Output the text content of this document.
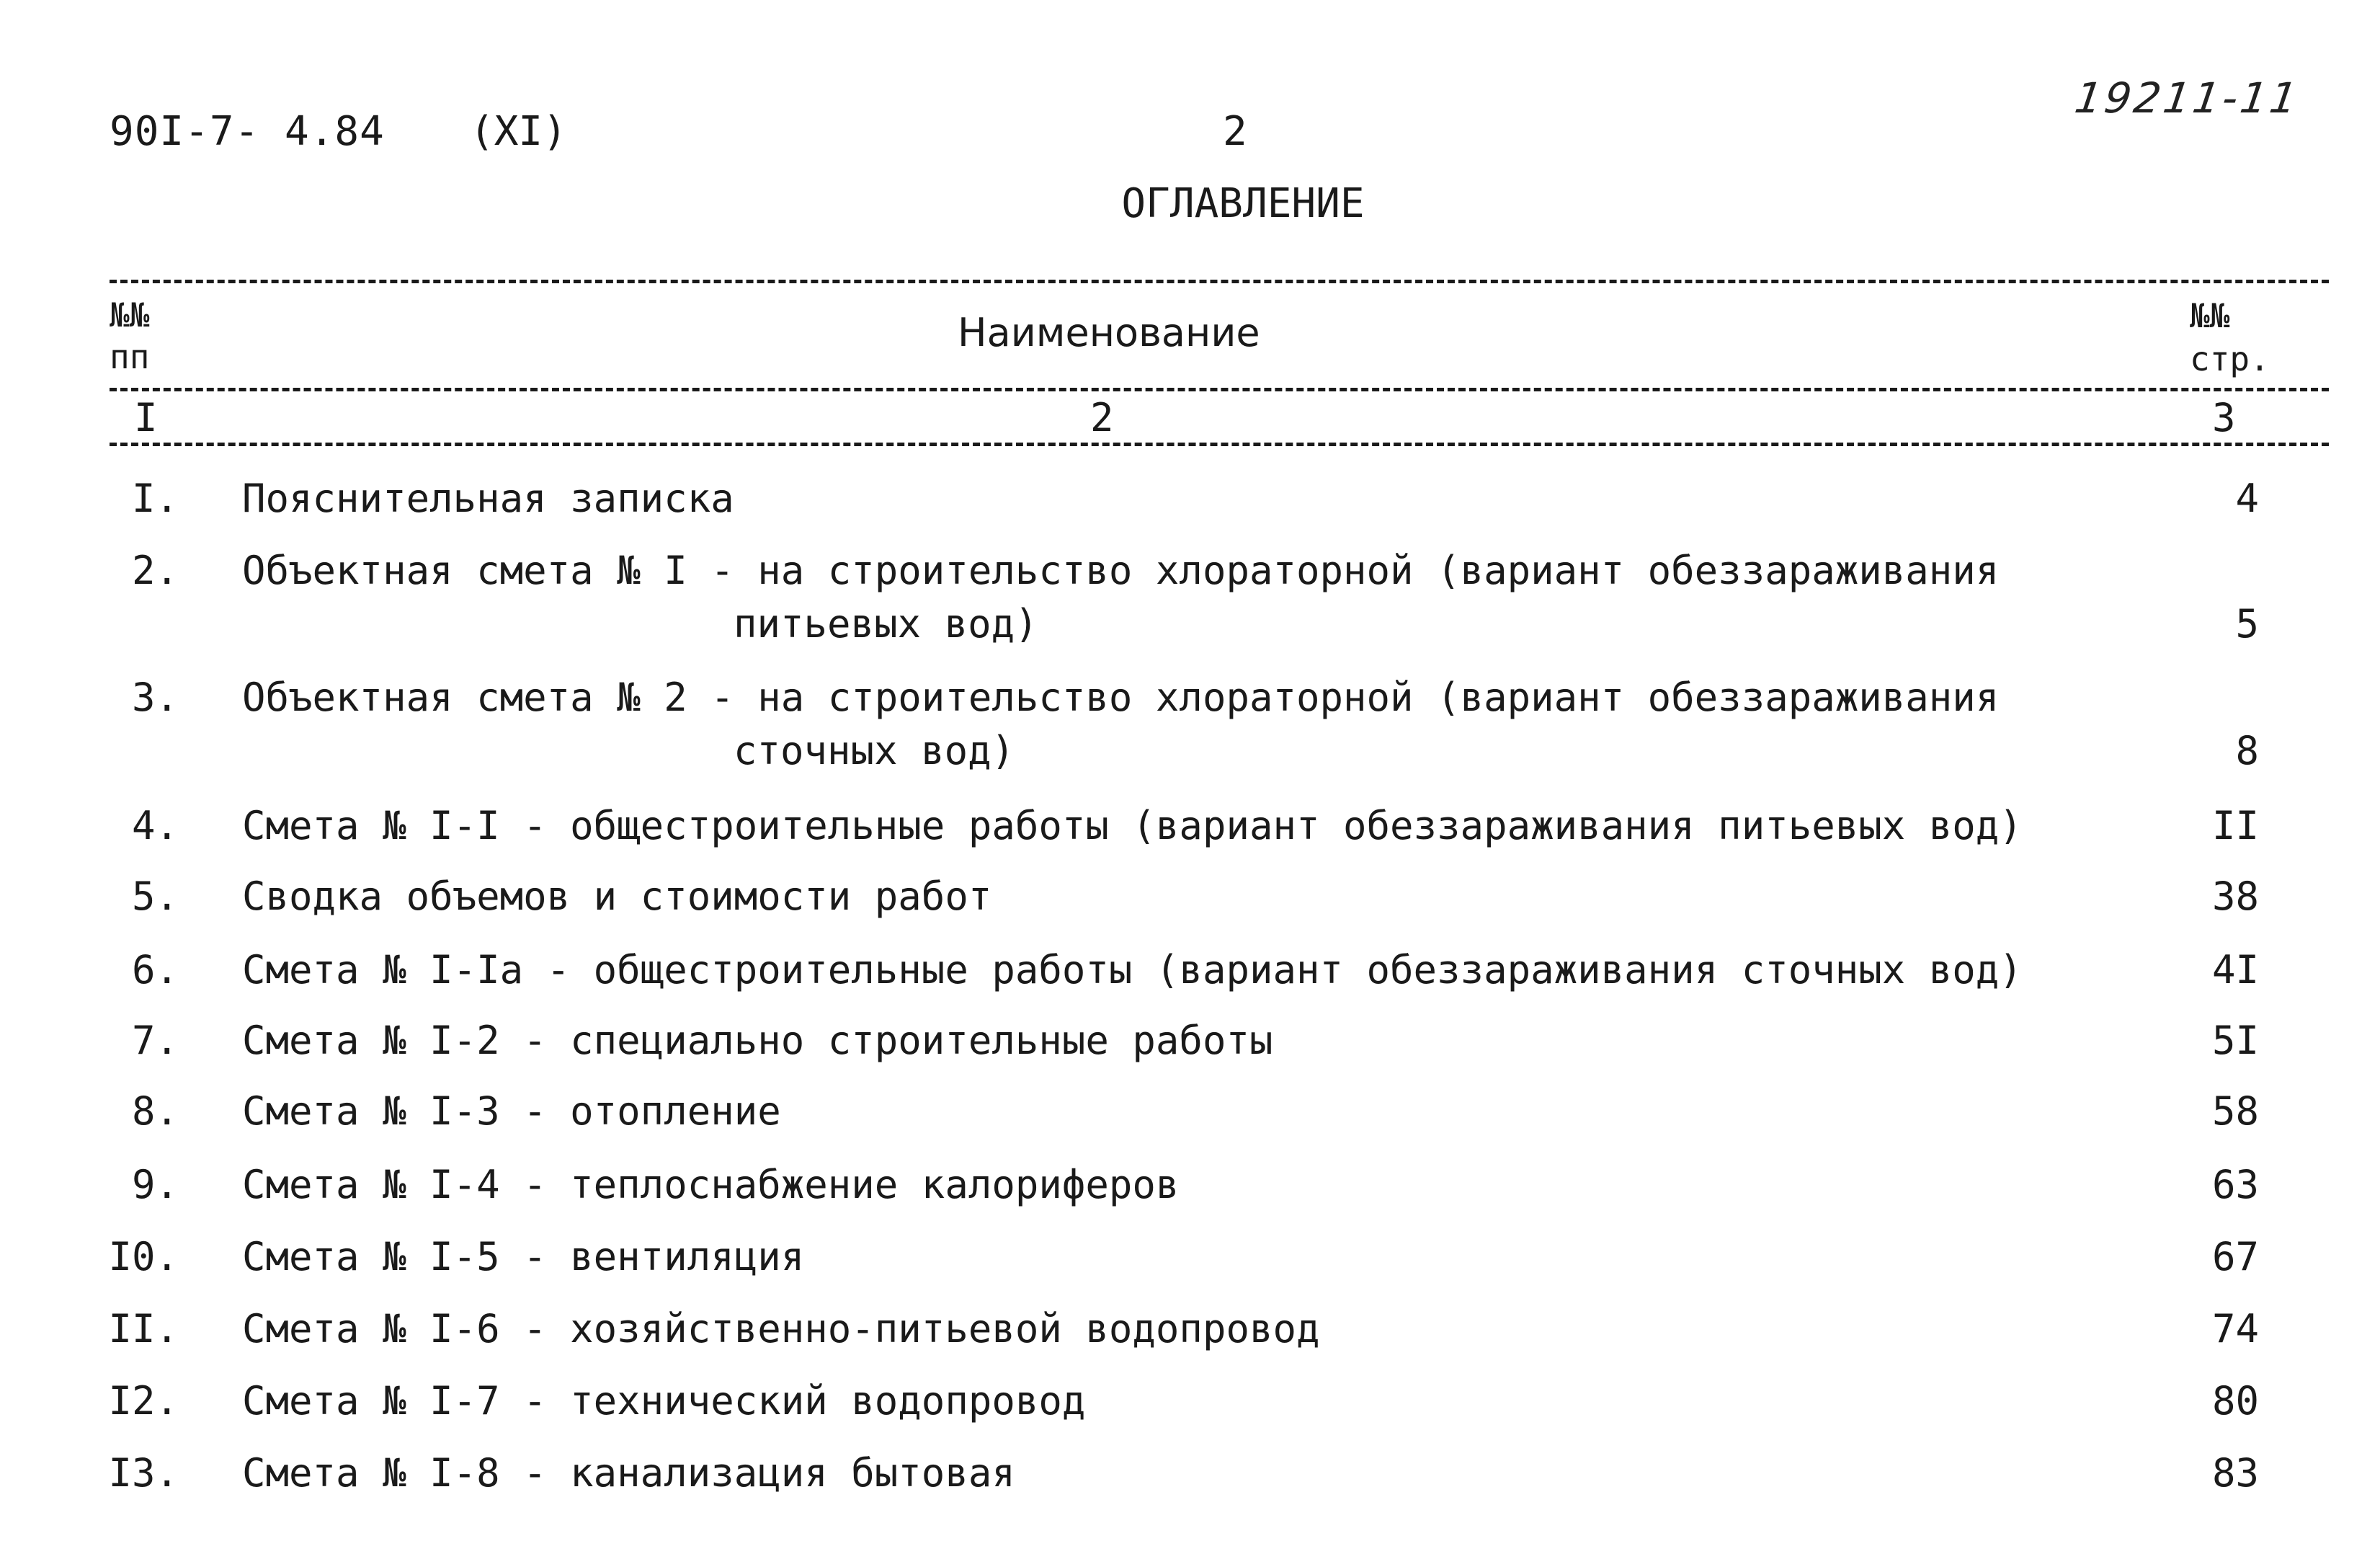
90I-7- 4.84 (XI)	2
19211-11
ОГЛАВЛЕНИЕ
№№ пп
Наименование	№№ стр.
I	2	3
I. Пояснительная записка	4
2. Объектная смета № I - на строительство хлораторной (вариант обеззараживания
питьевых вод)	5
3. Объектная смета № 2 - на строительство хлораторной (вариант обеззараживания
сточных вод)	8
4. Смета № I-I - общестроительные работы (вариант обеззараживания питьевых вод)	II
5. Сводка объемов и стоимости работ	38
6. Смета № I-Iа - общестроительные работы (вариант обеззараживания сточных вод)	4I
7. Смета № I-2 - специально строительные работы	5I
8. Смета № I-3 - отопление	58
9. Смета № I-4 - теплоснабжение калориферов	63
I0. Смета № I-5 - вентиляция	67
II. Смета № I-6 - хозяйственно-питьевой водопровод	74
I2. Смета № I-7 - технический водопровод	80
I3. Смета № I-8 - канализация бытовая	83
